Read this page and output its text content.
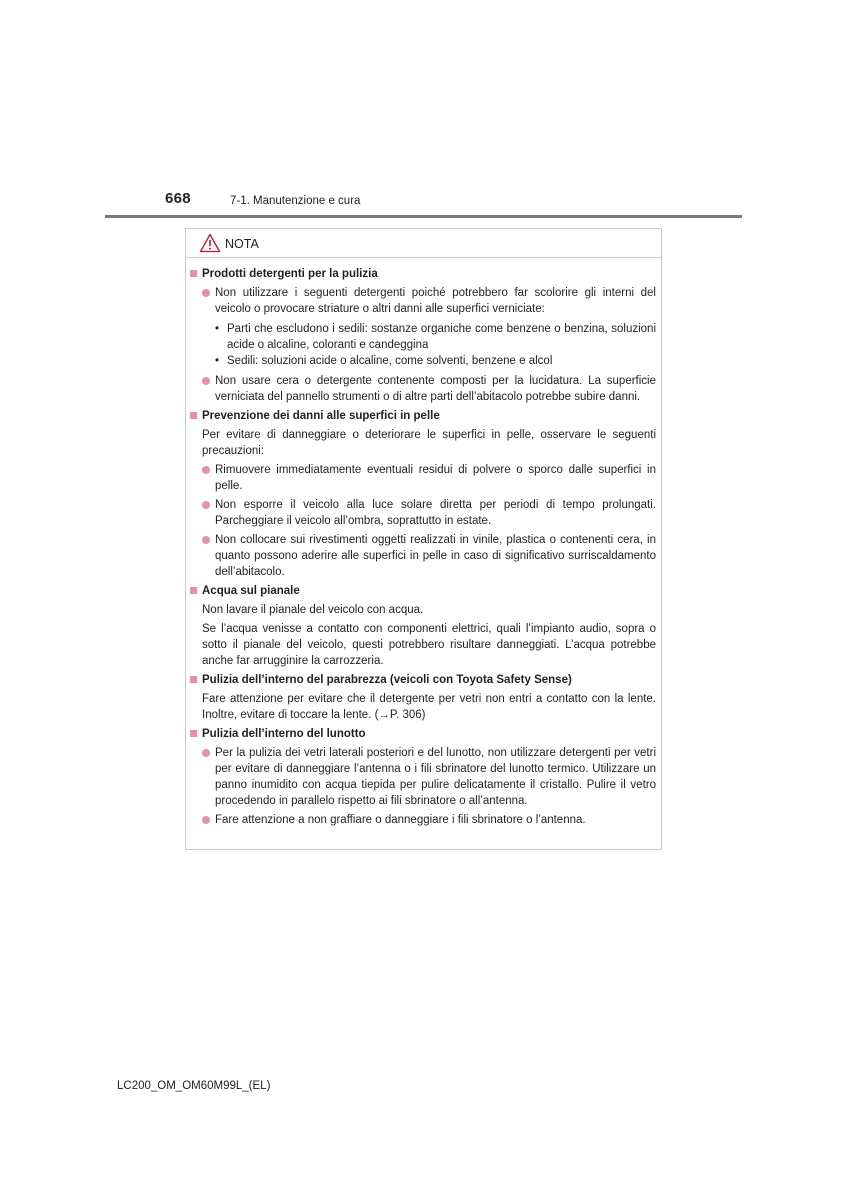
668	7-1. Manutenzione e cura
NOTA
Prodotti detergenti per la pulizia
Non utilizzare i seguenti detergenti poiché potrebbero far scolorire gli interni del veicolo o provocare striature o altri danni alle superfici verniciate:
• Parti che escludono i sedili: sostanze organiche come benzene o benzina, soluzioni acide o alcaline, coloranti e candeggina
• Sedili: soluzioni acide o alcaline, come solventi, benzene e alcol
Non usare cera o detergente contenente composti per la lucidatura. La superficie verniciata del pannello strumenti o di altre parti dell’abitacolo potrebbe subire danni.
Prevenzione dei danni alle superfici in pelle
Per evitare di danneggiare o deteriorare le superfici in pelle, osservare le seguenti precauzioni:
Rimuovere immediatamente eventuali residui di polvere o sporco dalle superfici in pelle.
Non esporre il veicolo alla luce solare diretta per periodi di tempo prolungati. Parcheggiare il veicolo all’ombra, soprattutto in estate.
Non collocare sui rivestimenti oggetti realizzati in vinile, plastica o contenenti cera, in quanto possono aderire alle superfici in pelle in caso di significativo surriscaldamento dell’abitacolo.
Acqua sul pianale
Non lavare il pianale del veicolo con acqua.
Se l’acqua venisse a contatto con componenti elettrici, quali l’impianto audio, sopra o sotto il pianale del veicolo, questi potrebbero risultare danneggiati. L’acqua potrebbe anche far arrugginire la carrozzeria.
Pulizia dell’interno del parabrezza (veicoli con Toyota Safety Sense)
Fare attenzione per evitare che il detergente per vetri non entri a contatto con la lente. Inoltre, evitare di toccare la lente. (→P. 306)
Pulizia dell’interno del lunotto
Per la pulizia dei vetri laterali posteriori e del lunotto, non utilizzare detergenti per vetri per evitare di danneggiare l’antenna o i fili sbrinatore del lunotto termico. Utilizzare un panno inumidito con acqua tiepida per pulire delicatamente il cristallo. Pulire il vetro procedendo in parallelo rispetto ai fili sbrinatore o all’antenna.
Fare attenzione a non graffiare o danneggiare i fili sbrinatore o l’antenna.
LC200_OM_OM60M99L_(EL)
